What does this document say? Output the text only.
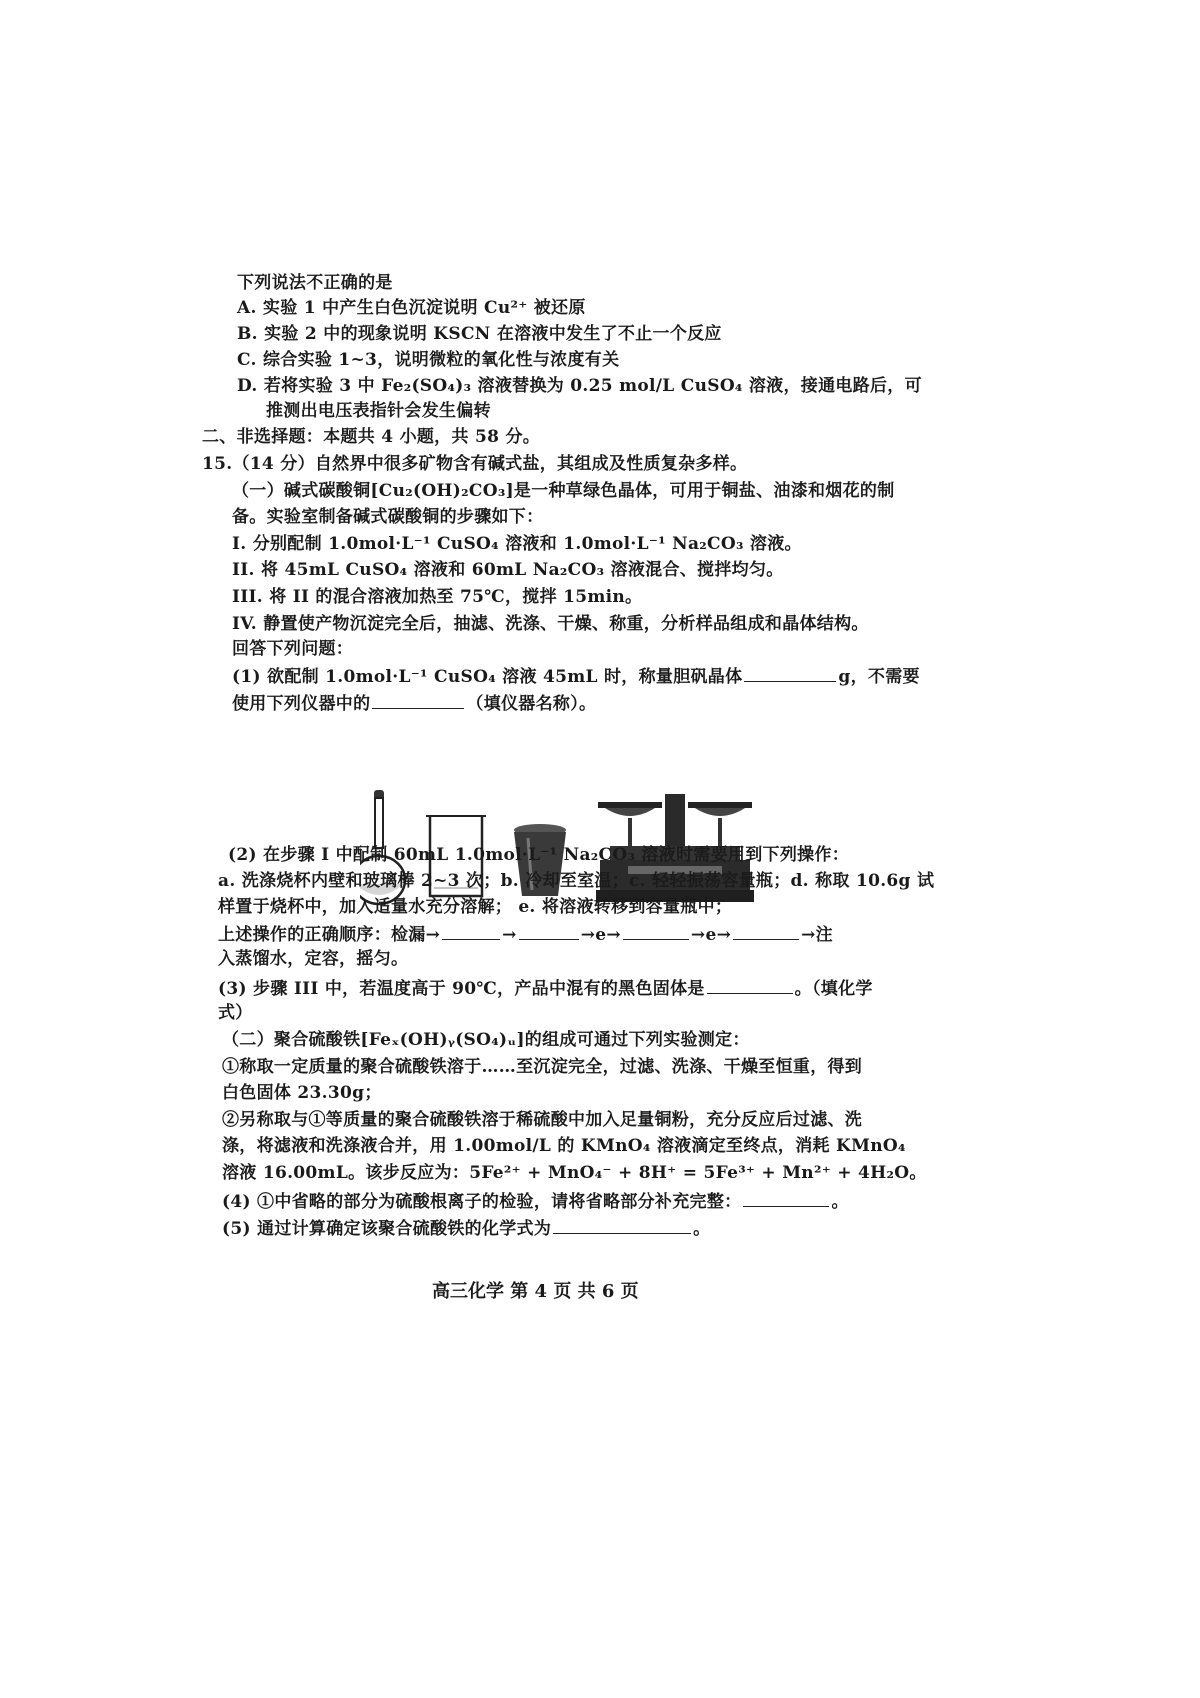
下列说法不正确的是
A. 实验 1 中产生白色沉淀说明 Cu²⁺ 被还原
B. 实验 2 中的现象说明 KSCN 在溶液中发生了不止一个反应
C. 综合实验 1~3，说明微粒的氧化性与浓度有关
D. 若将实验 3 中 Fe₂(SO₄)₃ 溶液替换为 0.25 mol/L CuSO₄ 溶液，接通电路后，可
推测出电压表指针会发生偏转
二、非选择题：本题共 4 小题，共 58 分。
15.（14 分）自然界中很多矿物含有碱式盐，其组成及性质复杂多样。
（一）碱式碳酸铜[Cu₂(OH)₂CO₃]是一种草绿色晶体，可用于铜盐、油漆和烟花的制
备。实验室制备碱式碳酸铜的步骤如下：
I. 分别配制 1.0mol·L⁻¹ CuSO₄ 溶液和 1.0mol·L⁻¹ Na₂CO₃ 溶液。
II. 将 45mL CuSO₄ 溶液和 60mL Na₂CO₃ 溶液混合、搅拌均匀。
III. 将 II 的混合溶液加热至 75℃，搅拌 15min。
IV. 静置使产物沉淀完全后，抽滤、洗涤、干燥、称重，分析样品组成和晶体结构。
回答下列问题：
(1) 欲配制 1.0mol·L⁻¹ CuSO₄ 溶液 45mL 时，称量胆矾晶体	g，不需要
使用下列仪器中的	（填仪器名称）。
(2) 在步骤 I 中配制 60mL 1.0mol·L⁻¹ Na₂CO₃ 溶液时需要用到下列操作：
a. 洗涤烧杯内壁和玻璃棒 2~3 次；b. 冷却至室温；c. 轻轻振荡容量瓶；d. 称取 10.6g 试
样置于烧杯中，加入适量水充分溶解； e. 将溶液转移到容量瓶中；
上述操作的正确顺序：检漏→	→	→e→	→e→	→注
入蒸馏水，定容，摇匀。
(3) 步骤 III 中，若温度高于 90℃，产品中混有的黑色固体是	。（填化学
式）
（二）聚合硫酸铁[Feₓ(OH)ᵧ(SO₄)ᵤ]的组成可通过下列实验测定：
①称取一定质量的聚合硫酸铁溶于……至沉淀完全，过滤、洗涤、干燥至恒重，得到
白色固体 23.30g；
②另称取与①等质量的聚合硫酸铁溶于稀硫酸中加入足量铜粉，充分反应后过滤、洗
涤，将滤液和洗涤液合并，用 1.00mol/L 的 KMnO₄ 溶液滴定至终点，消耗 KMnO₄
溶液 16.00mL。该步反应为：5Fe²⁺ + MnO₄⁻ + 8H⁺ = 5Fe³⁺ + Mn²⁺ + 4H₂O。
(4) ①中省略的部分为硫酸根离子的检验，请将省略部分补充完整：	。
(5) 通过计算确定该聚合硫酸铁的化学式为	。
高三化学 第 4 页 共 6 页
